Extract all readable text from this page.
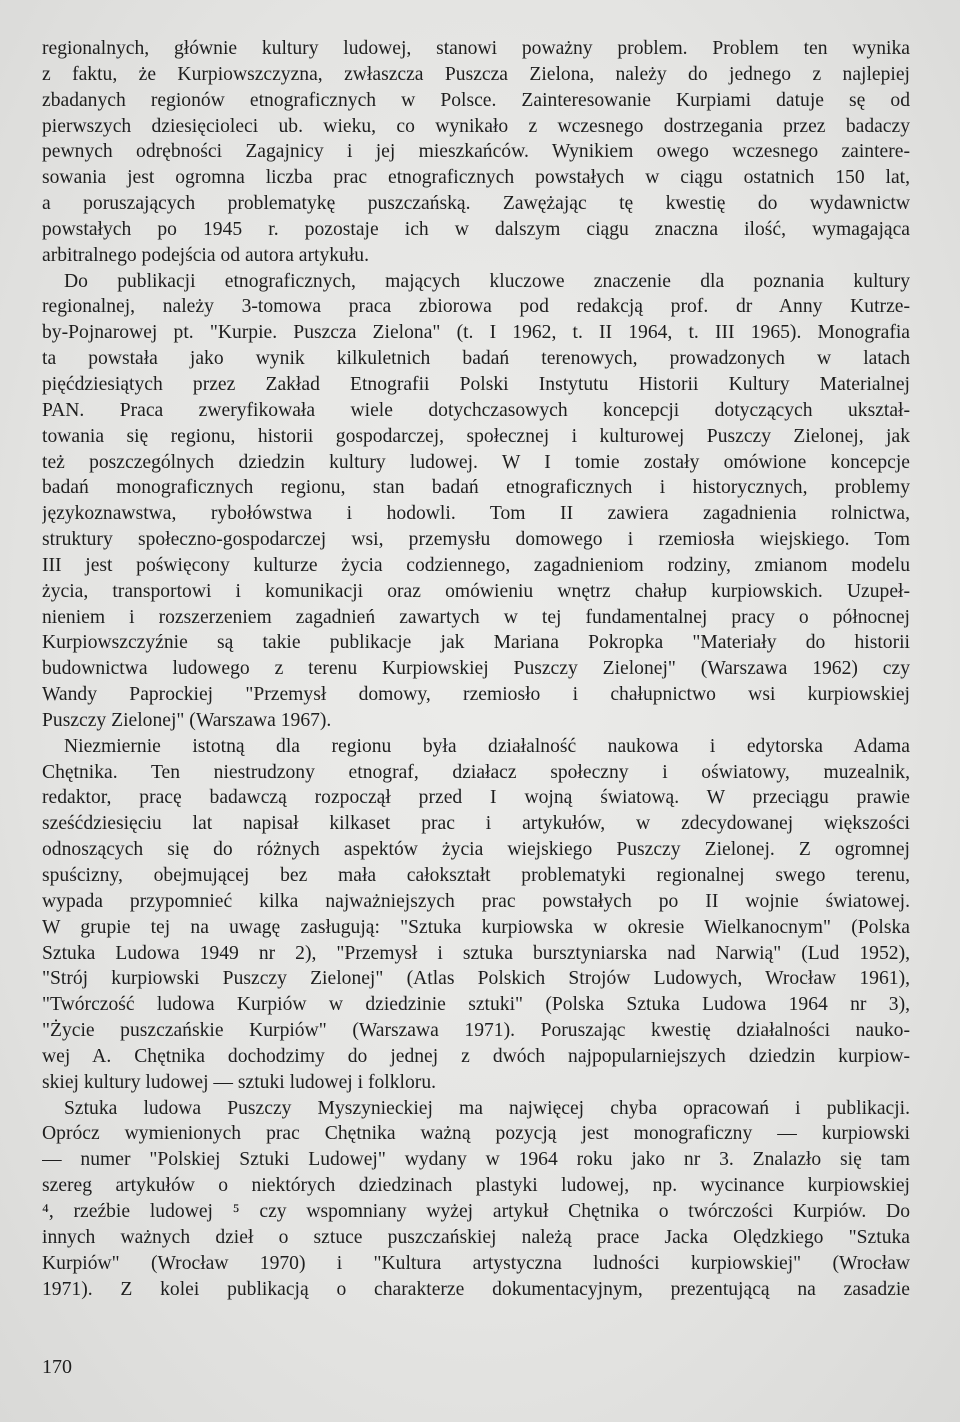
regionalnych, głównie kultury ludowej, stanowi poważny problem. Problem ten wynika
z faktu, że Kurpiowszczyzna, zwłaszcza Puszcza Zielona, należy do jednego z najlepiej
zbadanych regionów etnograficznych w Polsce. Zainteresowanie Kurpiami datuje sę od
pierwszych dziesięcioleci ub. wieku, co wynikało z wczesnego dostrzegania przez badaczy
pewnych odrębności Zagajnicy i jej mieszkańców. Wynikiem owego wczesnego zaintere-
sowania jest ogromna liczba prac etnograficznych powstałych w ciągu ostatnich 150 lat,
a poruszających problematykę puszczańską. Zawężając tę kwestię do wydawnictw
powstałych po 1945 r. pozostaje ich w dalszym ciągu znaczna ilość, wymagająca
arbitralnego podejścia od autora artykułu.
Do publikacji etnograficznych, mających kluczowe znaczenie dla poznania kultury
regionalnej, należy 3-tomowa praca zbiorowa pod redakcją prof. dr Anny Kutrze-
by-Pojnarowej pt. "Kurpie. Puszcza Zielona" (t. I 1962, t. II 1964, t. III 1965). Monografia
ta powstała jako wynik kilkuletnich badań terenowych, prowadzonych w latach
pięćdziesiątych przez Zakład Etnografii Polski Instytutu Historii Kultury Materialnej
PAN. Praca zweryfikowała wiele dotychczasowych koncepcji dotyczących ukształ-
towania się regionu, historii gospodarczej, społecznej i kulturowej Puszczy Zielonej, jak
też poszczególnych dziedzin kultury ludowej. W I tomie zostały omówione koncepcje
badań monograficznych regionu, stan badań etnograficznych i historycznych, problemy
językoznawstwa, rybołówstwa i hodowli. Tom II zawiera zagadnienia rolnictwa,
struktury społeczno-gospodarczej wsi, przemysłu domowego i rzemiosła wiejskiego. Tom
III jest poświęcony kulturze życia codziennego, zagadnieniom rodziny, zmianom modelu
życia, transportowi i komunikacji oraz omówieniu wnętrz chałup kurpiowskich. Uzupeł-
nieniem i rozszerzeniem zagadnień zawartych w tej fundamentalnej pracy o północnej
Kurpiowszczyźnie są takie publikacje jak Mariana Pokropka "Materiały do historii
budownictwa ludowego z terenu Kurpiowskiej Puszczy Zielonej" (Warszawa 1962) czy
Wandy Paprockiej "Przemysł domowy, rzemiosło i chałupnictwo wsi kurpiowskiej
Puszczy Zielonej" (Warszawa 1967).
Niezmiernie istotną dla regionu była działalność naukowa i edytorska Adama
Chętnika. Ten niestrudzony etnograf, działacz społeczny i oświatowy, muzealnik,
redaktor, pracę badawczą rozpoczął przed I wojną światową. W przeciągu prawie
sześćdziesięciu lat napisał kilkaset prac i artykułów, w zdecydowanej większości
odnoszących się do różnych aspektów życia wiejskiego Puszczy Zielonej. Z ogromnej
spuścizny, obejmującej bez mała całokształt problematyki regionalnej swego terenu,
wypada przypomnieć kilka najważniejszych prac powstałych po II wojnie światowej.
W grupie tej na uwagę zasługują: "Sztuka kurpiowska w okresie Wielkanocnym" (Polska
Sztuka Ludowa 1949 nr 2), "Przemysł i sztuka bursztyniarska nad Narwią" (Lud 1952),
"Strój kurpiowski Puszczy Zielonej" (Atlas Polskich Strojów Ludowych, Wrocław 1961),
"Twórczość ludowa Kurpiów w dziedzinie sztuki" (Polska Sztuka Ludowa 1964 nr 3),
"Życie puszczańskie Kurpiów" (Warszawa 1971). Poruszając kwestię działalności nauko-
wej A. Chętnika dochodzimy do jednej z dwóch najpopularniejszych dziedzin kurpiow-
skiej kultury ludowej — sztuki ludowej i folkloru.
Sztuka ludowa Puszczy Myszynieckiej ma najwięcej chyba opracowań i publikacji.
Oprócz wymienionych prac Chętnika ważną pozycją jest monograficzny — kurpiowski
— numer "Polskiej Sztuki Ludowej" wydany w 1964 roku jako nr 3. Znalazło się tam
szereg artykułów o niektórych dziedzinach plastyki ludowej, np. wycinance kurpiowskiej
⁴, rzeźbie ludowej ⁵ czy wspomniany wyżej artykuł Chętnika o twórczości Kurpiów. Do
innych ważnych dzieł o sztuce puszczańskiej należą prace Jacka Olędzkiego "Sztuka
Kurpiów" (Wrocław 1970) i "Kultura artystyczna ludności kurpiowskiej" (Wrocław
1971). Z kolei publikacją o charakterze dokumentacyjnym, prezentującą na zasadzie
170
